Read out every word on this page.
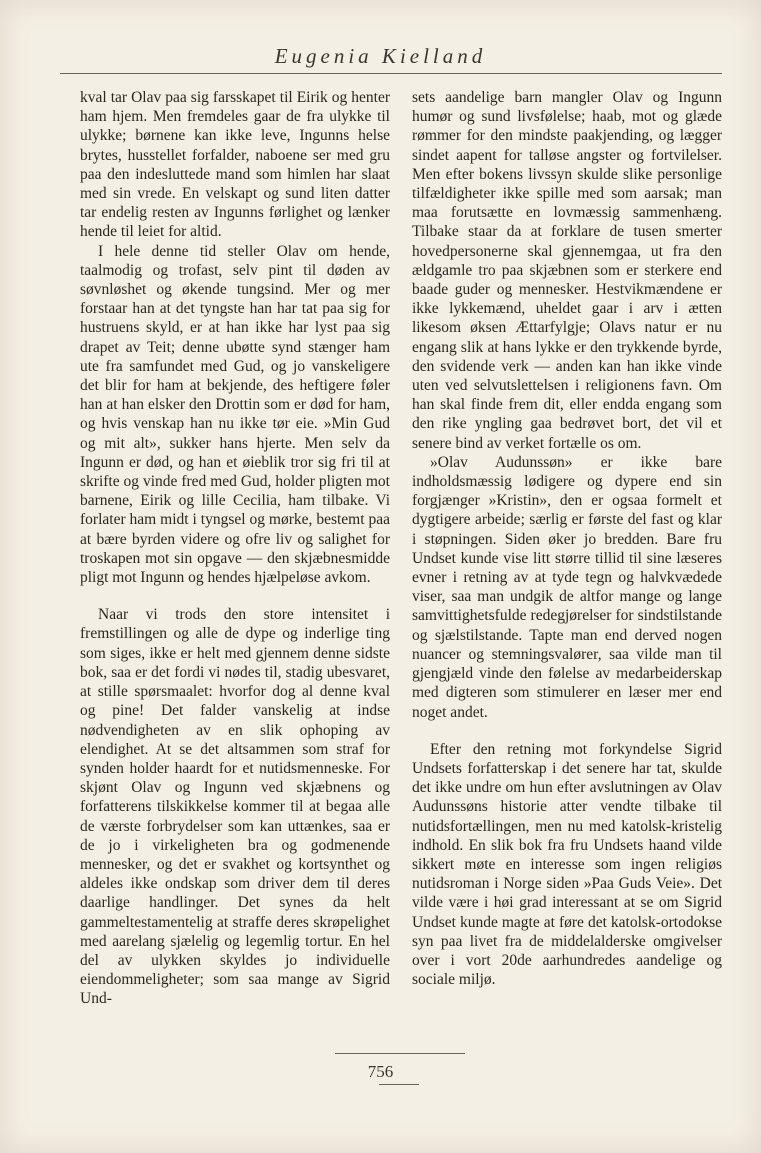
Eugenia Kielland

kval tar Olav paa sig farsskapet til Eirik og henter ham hjem. Men fremdeles gaar de fra ulykke til ulykke; børnene kan ikke leve, Ingunns helse brytes, husstellet forfalder, naboene ser med gru paa den indesluttede mand som himlen har slaat med sin vrede. En velskapt og sund liten datter tar endelig resten av Ingunns førlighet og lænker hende til leiet for altid.

I hele denne tid steller Olav om hende, taalmodig og trofast, selv pint til døden av søvnløshet og økende tungsind. Mer og mer forstaar han at det tyngste han har tat paa sig for hustruens skyld, er at han ikke har lyst paa sig drapet av Teit; denne ubøtte synd stænger ham ute fra samfundet med Gud, og jo vanskeligere det blir for ham at bekjende, des heftigere føler han at han elsker den Drottin som er død for ham, og hvis venskap han nu ikke tør eie. »Min Gud og mit alt», sukker hans hjerte. Men selv da Ingunn er død, og han et øieblik tror sig fri til at skrifte og vinde fred med Gud, holder pligten mot barnene, Eirik og lille Cecilia, ham tilbake. Vi forlater ham midt i tyngsel og mørke, bestemt paa at bære byrden videre og ofre liv og salighet for troskapen mot sin opgave — den skjæbnesmidde pligt mot Ingunn og hendes hjælpeløse avkom.

Naar vi trods den store intensitet i fremstillingen og alle de dype og inderlige ting som siges, ikke er helt med gjennem denne sidste bok, saa er det fordi vi nødes til, stadig ubesvaret, at stille spørsmaalet: hvorfor dog al denne kval og pine! Det falder vanskelig at indse nødvendigheten av en slik ophoping av elendighet. At se det altsammen som straf for synden holder haardt for et nutidsmenneske. For skjønt Olav og Ingunn ved skjæbnens og forfatterens tilskikkelse kommer til at begaa alle de værste forbrydelser som kan uttænkes, saa er de jo i virkeligheten bra og godmenende mennesker, og det er svakhet og kortsynthet og aldeles ikke ondskap som driver dem til deres daarlige handlinger. Det synes da helt gammeltestamentelig at straffe deres skrøpelighet med aarelang sjælelig og legemlig tortur. En hel del av ulykken skyldes jo individuelle eiendommeligheter; som saa mange av Sigrid Und-

sets aandelige barn mangler Olav og Ingunn humør og sund livsfølelse; haab, mot og glæde rømmer for den mindste paakjending, og lægger sindet aapent for talløse angster og fortvilelser. Men efter bokens livssyn skulde slike personlige tilfældigheter ikke spille med som aarsak; man maa forutsætte en lovmæssig sammenhæng. Tilbake staar da at forklare de tusen smerter hovedpersonerne skal gjennemgaa, ut fra den ældgamle tro paa skjæbnen som er sterkere end baade guder og mennesker. Hestvikmændene er ikke lykkemænd, uheldet gaar i arv i ætten likesom øksen Ættarfylgje; Olavs natur er nu engang slik at hans lykke er den trykkende byrde, den svidende verk — anden kan han ikke vinde uten ved selvutslettelsen i religionens favn. Om han skal finde frem dit, eller endda engang som den rike yngling gaa bedrøvet bort, det vil et senere bind av verket fortælle os om.

»Olav Audunssøn» er ikke bare indholdsmæssig lødigere og dypere end sin forgjænger »Kristin», den er ogsaa formelt et dygtigere arbeide; særlig er første del fast og klar i støpningen. Siden øker jo bredden. Bare fru Undset kunde vise litt større tillid til sine læseres evner i retning av at tyde tegn og halvkvædede viser, saa man undgik de altfor mange og lange samvittighetsfulde redegjørelser for sindstilstande og sjælstilstande. Tapte man end derved nogen nuancer og stemningsvalører, saa vilde man til gjengjæld vinde den følelse av medarbeiderskap med digteren som stimulerer en læser mer end noget andet.

Efter den retning mot forkyndelse Sigrid Undsets forfatterskap i det senere har tat, skulde det ikke undre om hun efter avslutningen av Olav Audunssøns historie atter vendte tilbake til nutidsfortællingen, men nu med katolsk-kristelig indhold. En slik bok fra fru Undsets haand vilde sikkert møte en interesse som ingen religiøs nutidsroman i Norge siden »Paa Guds Veie». Det vilde være i høi grad interessant at se om Sigrid Undset kunde magte at føre det katolsk-ortodokse syn paa livet fra de middelalderske omgivelser over i vort 20de aarhundredes aandelige og sociale miljø.

756
